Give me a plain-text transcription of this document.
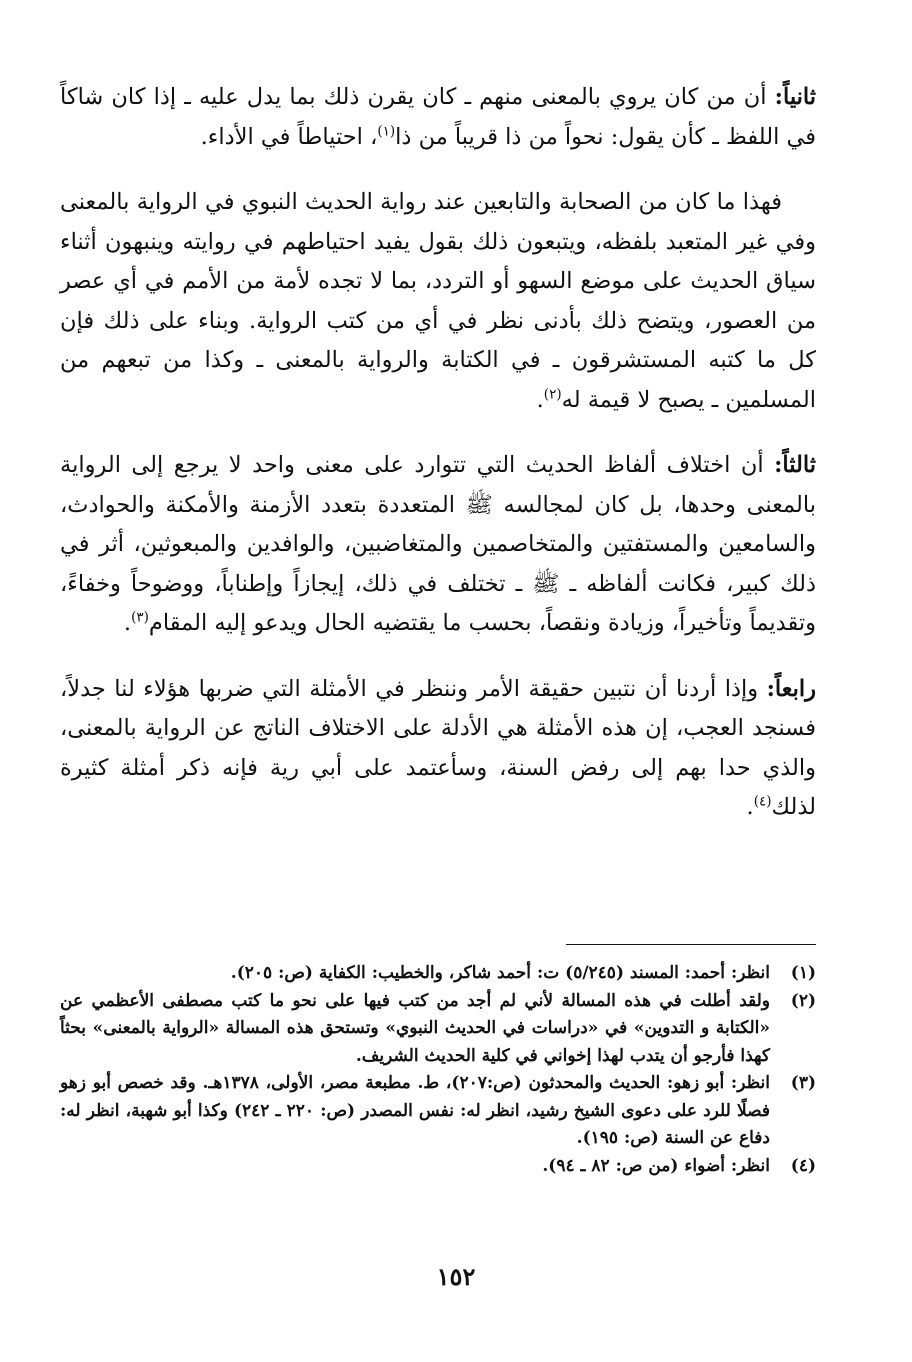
ثانياً: أن من كان يروي بالمعنى منهم ـ كان يقرن ذلك بما يدل عليه ـ إذا كان شاكاً في اللفظ ـ كأن يقول: نحواً من ذا قريباً من ذا$^{(١)}$، احتياطاً في الأداء.

فهذا ما كان من الصحابة والتابعين عند رواية الحديث النبوي في الرواية بالمعنى وفي غير المتعبد بلفظه، ويتبعون ذلك بقول يفيد احتياطهم في روايته وينبهون أثناء سياق الحديث على موضع السهو أو التردد، بما لا تجده لأمة من الأمم في أي عصر من العصور، ويتضح ذلك بأدنى نظر في أي من كتب الرواية. وبناء على ذلك فإن كل ما كتبه المستشرقون ـ في الكتابة والرواية بالمعنى ـ وكذا من تبعهم من المسلمين ـ يصبح لا قيمة له$^{(٢)}$.

ثالثاً: أن اختلاف ألفاظ الحديث التي تتوارد على معنى واحد لا يرجع إلى الرواية بالمعنى وحدها، بل كان لمجالسه ﷺ المتعددة بتعدد الأزمنة والأمكنة والحوادث، والسامعين والمستفتين والمتخاصمين والمتغاضبين، والوافدين والمبعوثين، أثر في ذلك كبير، فكانت ألفاظه ـ ﷺ ـ تختلف في ذلك، إيجازاً وإطناباً، ووضوحاً وخفاءً، وتقديماً وتأخيراً، وزيادة ونقصاً، بحسب ما يقتضيه الحال ويدعو إليه المقام$^{(٣)}$.

رابعاً: وإذا أردنا أن نتبين حقيقة الأمر وننظر في الأمثلة التي ضربها هؤلاء لنا جدلاً، فسنجد العجب، إن هذه الأمثلة هي الأدلة على الاختلاف الناتج عن الرواية بالمعنى، والذي حدا بهم إلى رفض السنة، وسأعتمد على أبي رية فإنه ذكر أمثلة كثيرة لذلك$^{(٤)}$.

(١)
انظر: أحمد: المسند (٥/٢٤٥) ت: أحمد شاكر، والخطيب: الكفاية (ص: ٢٠٥).
(٢)
ولقد أطلت في هذه المسالة لأني لم أجد من كتب فيها على نحو ما كتب مصطفى الأعظمي عن «الكتابة و التدوين» في «دراسات في الحديث النبوي» وتستحق هذه المسالة «الرواية بالمعنى» بحثاً كهذا فأرجو أن يتدب لهذا إخواني في كلية الحديث الشريف.
(٣)
انظر: أبو زهو: الحديث والمحدثون (ص:٢٠٧)، ط. مطبعة مصر، الأولى، ١٣٧٨هـ. وقد خصص أبو زهو فصلًا للرد على دعوى الشيخ رشيد، انظر له: نفس المصدر (ص: ٢٢٠ ـ ٢٤٢) وكذا أبو شهبة، انظر له: دفاع عن السنة (ص: ١٩٥).
(٤)
انظر: أضواء (من ص: ٨٢ ـ ٩٤).
١٥٢
